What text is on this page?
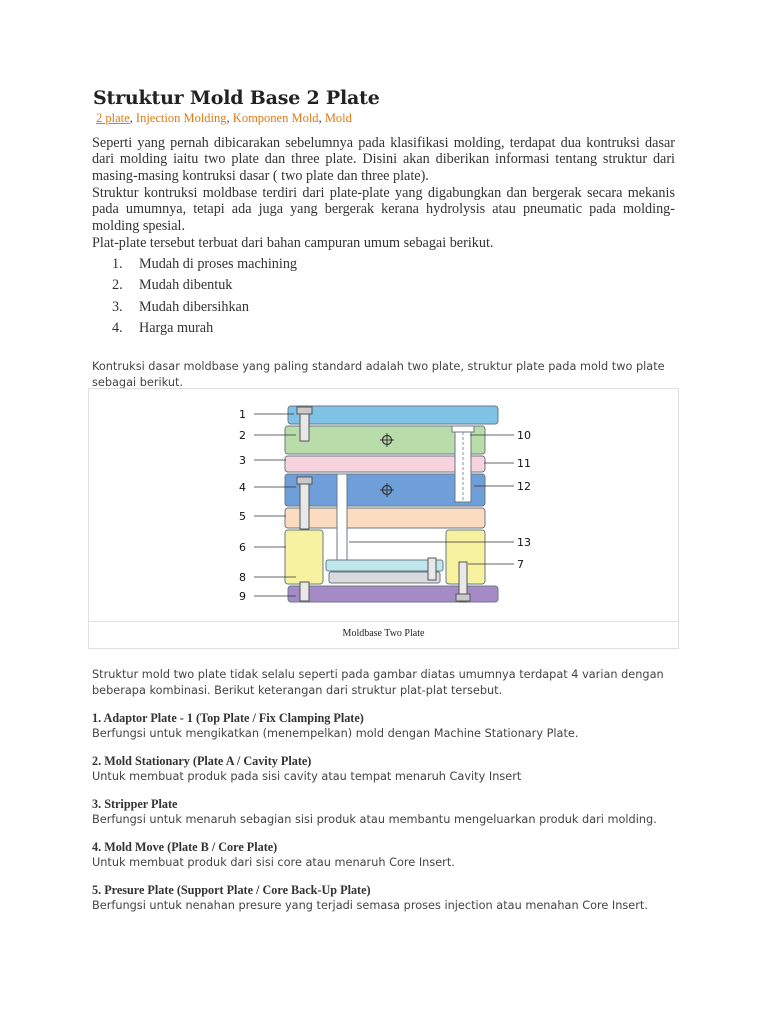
Struktur Mold Base 2 Plate
2 plate, Injection Molding, Komponen Mold, Mold

Seperti yang pernah dibicarakan sebelumnya pada klasifikasi molding, terdapat dua kontruksi dasar dari molding iaitu two plate dan three plate. Disini akan diberikan informasi tentang struktur dari masing-masing kontruksi dasar ( two plate dan three plate).

Struktur kontruksi moldbase terdiri dari plate-plate yang digabungkan dan bergerak secara mekanis pada umumnya, tetapi ada juga yang bergerak kerana hydrolysis atau pneumatic pada molding-molding spesial.

Plat-plate tersebut terbuat dari bahan campuran umum sebagai berikut.

1.	Mudah di proses machining
2.	Mudah dibentuk
3.	Mudah dibersihkan
4.	Harga murah

Kontruksi dasar moldbase yang paling standard adalah two plate, struktur plate pada mold two plate sebagai berikut.

1
2
3
4
5
6
8
9
10
11
12
13
7
Moldbase Two Plate

Struktur mold two plate tidak selalu seperti pada gambar diatas umumnya terdapat 4 varian dengan beberapa kombinasi. Berikut keterangan dari struktur plat-plat tersebut.

1. Adaptor Plate - 1 (Top Plate / Fix Clamping Plate)

Berfungsi untuk mengikatkan (menempelkan) mold dengan Machine Stationary Plate.

2. Mold Stationary (Plate A / Cavity Plate)

Untuk membuat produk pada sisi cavity atau tempat menaruh Cavity Insert

3. Stripper Plate

Berfungsi untuk menaruh sebagian sisi produk atau membantu mengeluarkan produk dari molding.

4. Mold Move (Plate B / Core Plate)

Untuk membuat produk dari sisi core atau menaruh Core Insert.

5. Presure Plate (Support Plate / Core Back-Up Plate)

Berfungsi untuk nenahan presure yang terjadi semasa proses injection atau menahan Core Insert.
